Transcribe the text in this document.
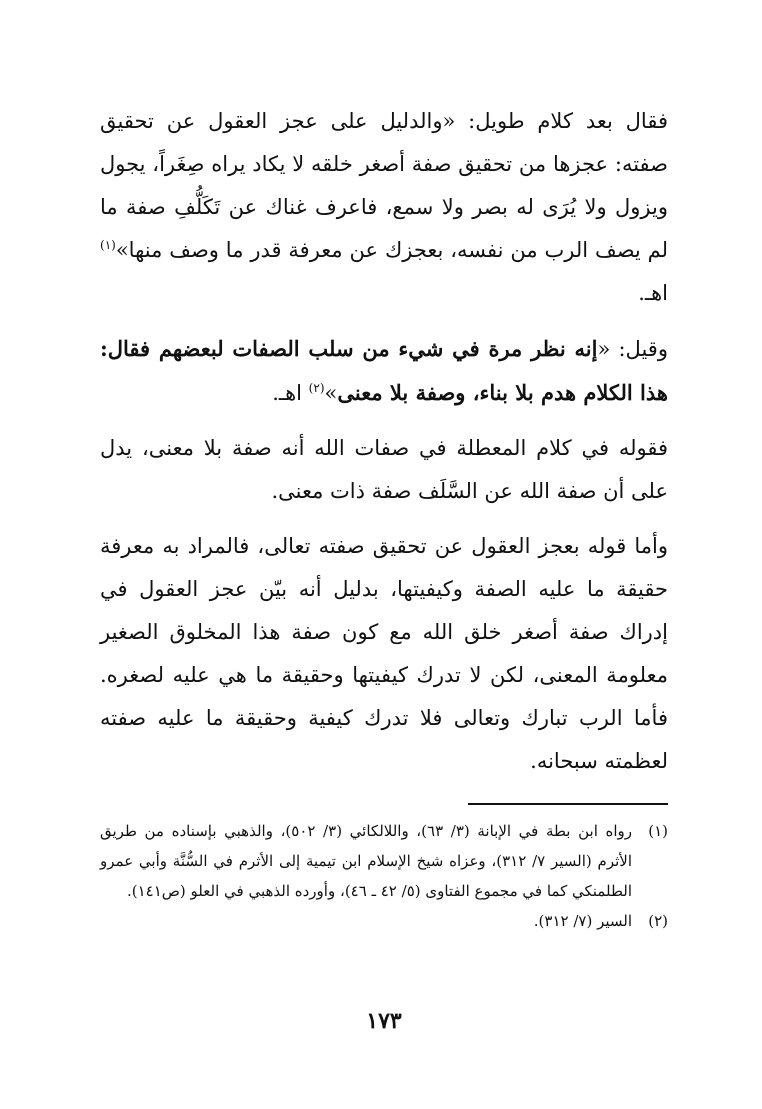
فقال بعد كلام طويل: «والدليل على عجز العقول عن تحقيق صفته: عجزها من تحقيق صفة أصغر خلقه لا يكاد يراه صِغَراً، يجول ويزول ولا يُرَى له بصر ولا سمع، فاعرف غناك عن تَكَلُّفِ صفة ما لم يصف الرب من نفسه، بعجزك عن معرفة قدر ما وصف منها»$^{(١)}$ اهـ.

وقيل: «إنه نظر مرة في شيء من سلب الصفات لبعضهم فقال: هذا الكلام هدم بلا بناء، وصفة بلا معنى»$^{(٢)}$ اهـ.

فقوله في كلام المعطلة في صفات الله أنه صفة بلا معنى، يدل على أن صفة الله عن السَّلَف صفة ذات معنى.

وأما قوله بعجز العقول عن تحقيق صفته تعالى، فالمراد به معرفة حقيقة ما عليه الصفة وكيفيتها، بدليل أنه بيّن عجز العقول في إدراك صفة أصغر خلق الله مع كون صفة هذا المخلوق الصغير معلومة المعنى، لكن لا تدرك كيفيتها وحقيقة ما هي عليه لصغره. فأما الرب تبارك وتعالى فلا تدرك كيفية وحقيقة ما عليه صفته لعظمته سبحانه.

(١)
رواه ابن بطة في الإبانة (٣/ ٦٣)، واللالكائي (٣/ ٥٠٢)، والذهبي بإسناده من طريق الأثرم (السير ٧/ ٣١٢)، وعزاه شيخ الإسلام ابن تيمية إلى الأثرم في السُّنَّة وأبي عمرو الطلمنكي كما في مجموع الفتاوى (٥/ ٤٢ ـ ٤٦)، وأورده الذهبي في العلو (ص١٤١).
(٢)
السير (٧/ ٣١٢).
١٧٣
